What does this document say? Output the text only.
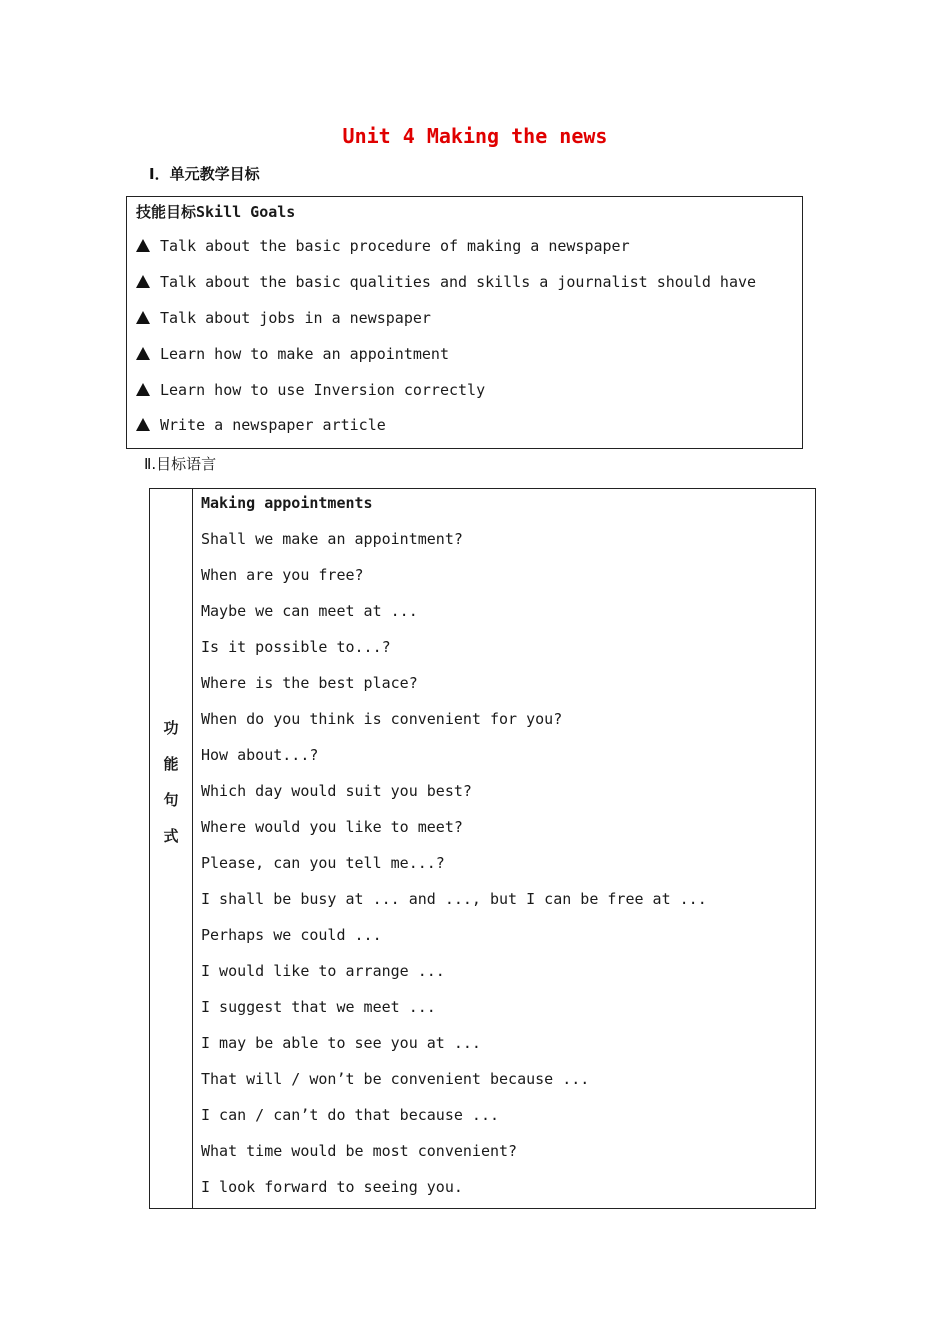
Unit 4 Making the news
Ⅰ．单元教学目标
技能目标Skill Goals
Talk about the basic procedure of making a newspaper
Talk about the basic qualities and skills a journalist should have
Talk about jobs in a newspaper
Learn how to make an appointment
Learn how to use Inversion correctly
Write a newspaper article
Ⅱ.目标语言
功
能
句
式
Making appointments
Shall we make an appointment?
When are you free?
Maybe we can meet at ...
Is it possible to...?
Where is the best place?
When do you think is convenient for you?
How about...?
Which day would suit you best?
Where would you like to meet?
Please, can you tell me...?
I shall be busy at ... and ..., but I can be free at ...
Perhaps we could ...
I would like to arrange ...
I suggest that we meet ...
I may be able to see you at ...
That will / won’t be convenient because ...
I can / can’t do that because ...
What time would be most convenient?
I look forward to seeing you.
